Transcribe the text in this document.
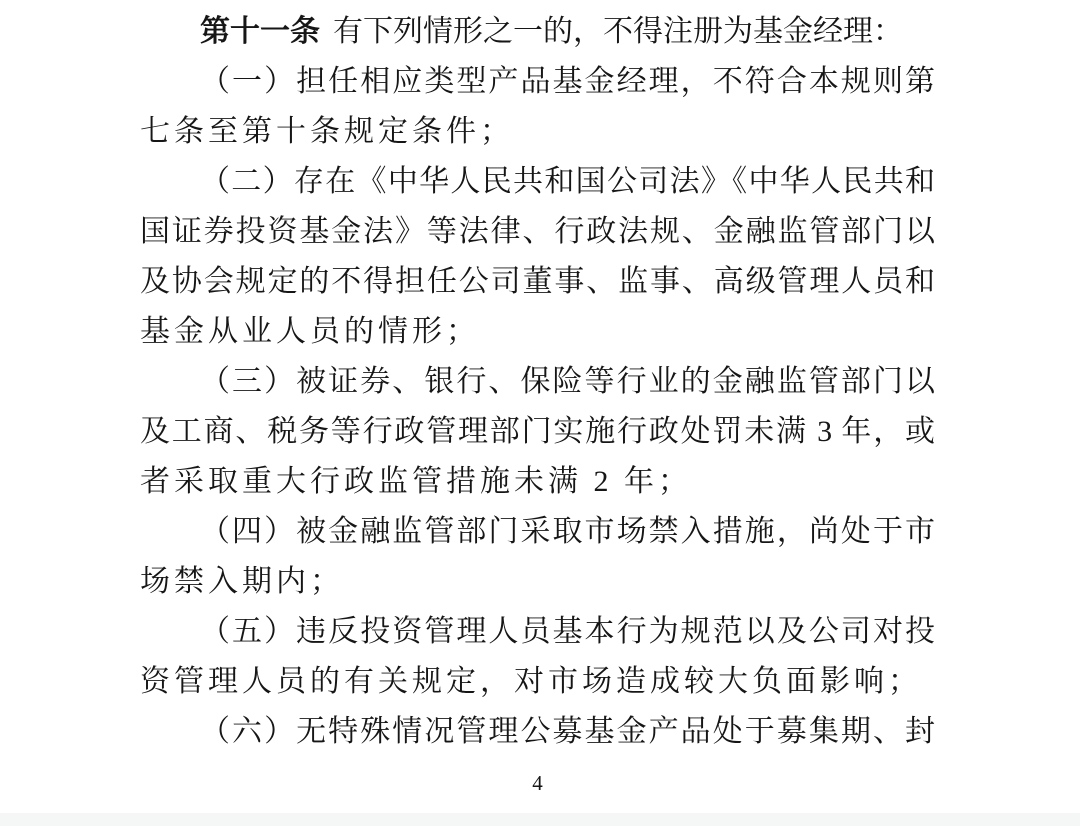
第十一条 有下列情形之一的，不得注册为基金经理：
（一）担任相应类型产品基金经理，不符合本规则第
七条至第十条规定条件；
（二）存在《中华人民共和国公司法》《中华人民共和
国证券投资基金法》等法律、行政法规、金融监管部门以
及协会规定的不得担任公司董事、监事、高级管理人员和
基金从业人员的情形；
（三）被证券、银行、保险等行业的金融监管部门以
及工商、税务等行政管理部门实施行政处罚未满 3 年，或
者采取重大行政监管措施未满 2 年；
（四）被金融监管部门采取市场禁入措施，尚处于市
场禁入期内；
（五）违反投资管理人员基本行为规范以及公司对投
资管理人员的有关规定，对市场造成较大负面影响；
（六）无特殊情况管理公募基金产品处于募集期、封
4
